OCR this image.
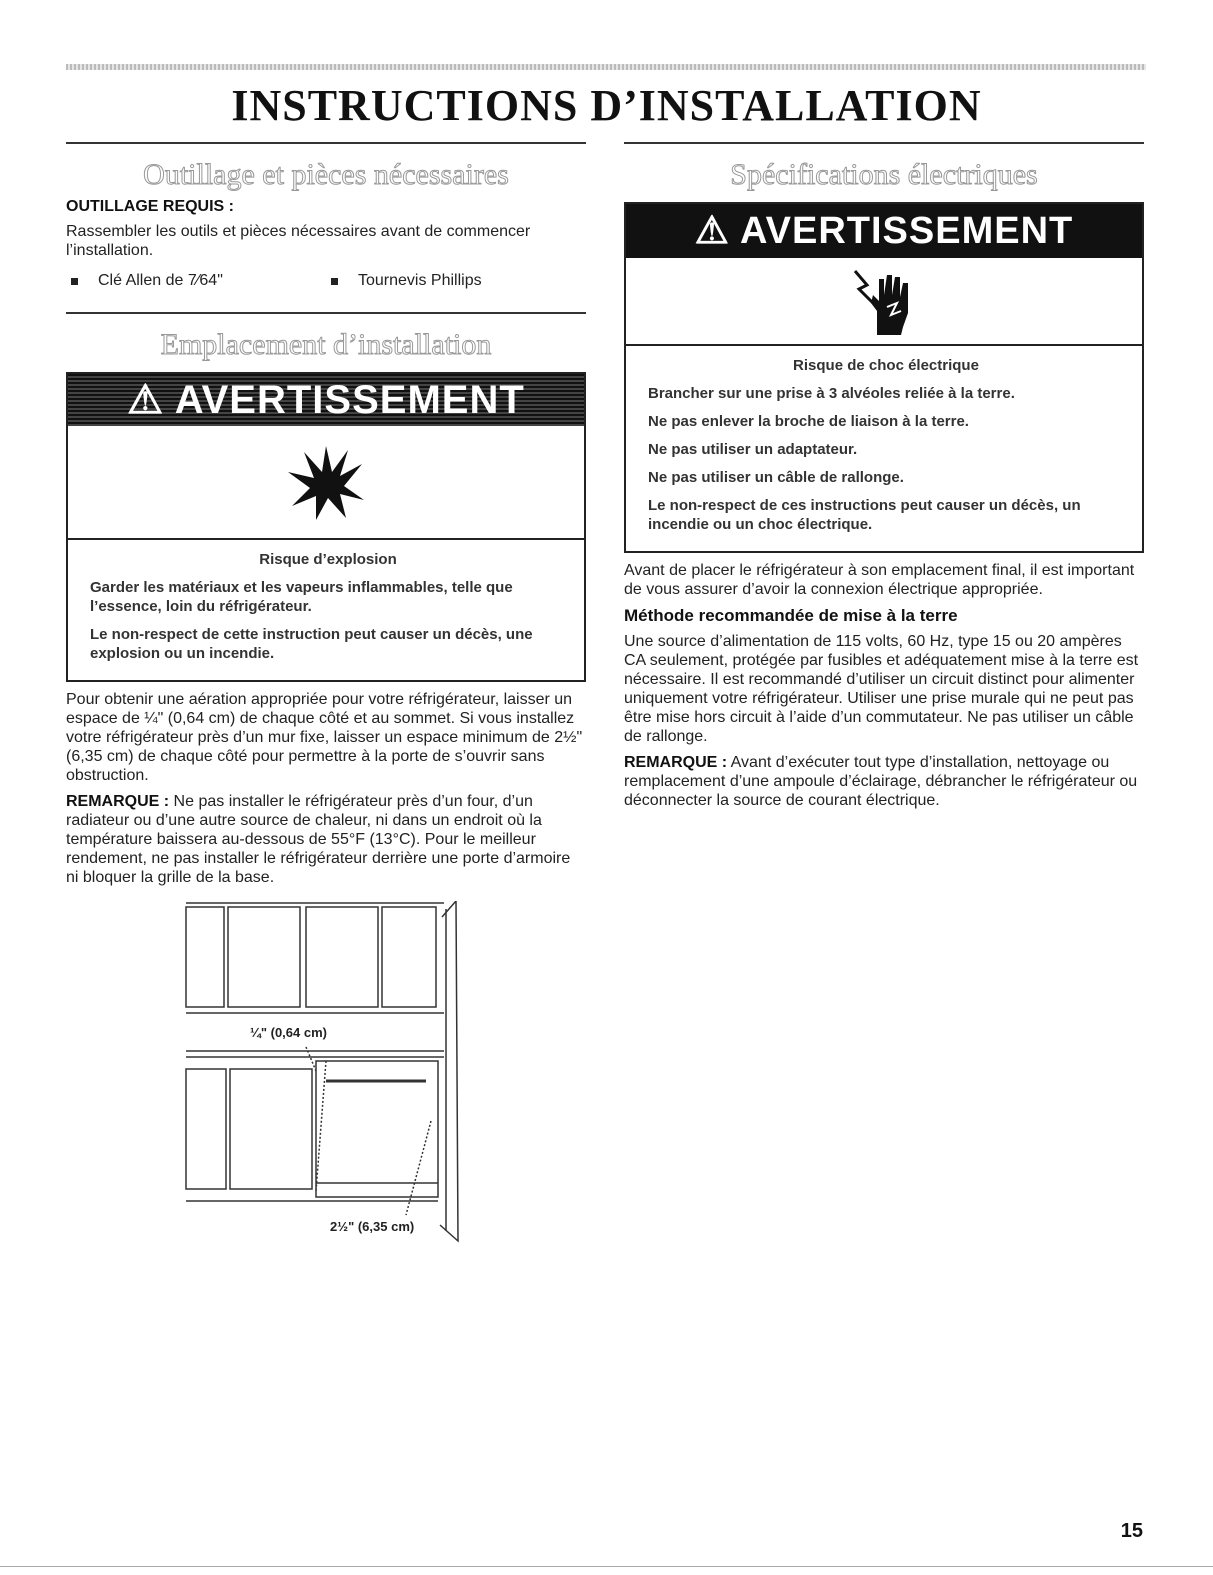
INSTRUCTIONS D’INSTALLATION
Outillage et pièces nécessaires
OUTILLAGE REQUIS :

Rassembler les outils et pièces nécessaires avant de commencer l’installation.

Clé Allen de 7⁄64"	Tournevis Phillips
Emplacement d’installation
⚠ AVERTISSEMENT

Risque d’explosion

Garder les matériaux et les vapeurs inflammables, telle que l’essence, loin du réfrigérateur.

Le non-respect de cette instruction peut causer un décès, une explosion ou un incendie.

Pour obtenir une aération appropriée pour votre réfrigérateur, laisser un espace de ¼" (0,64 cm) de chaque côté et au sommet. Si vous installez votre réfrigérateur près d’un mur fixe, laisser un espace minimum de 2½" (6,35 cm) de chaque côté pour permettre à la porte de s’ouvrir sans obstruction.

REMARQUE : Ne pas installer le réfrigérateur près d’un four, d’un radiateur ou d’une autre source de chaleur, ni dans un endroit où la température baissera au-dessous de 55°F (13°C). Pour le meilleur rendement, ne pas installer le réfrigérateur derrière une porte d’armoire ni bloquer la grille de la base.

¼" (0,64 cm)
2½" (6,35 cm)
Spécifications électriques
⚠ AVERTISSEMENT

Risque de choc électrique

Brancher sur une prise à 3 alvéoles reliée à la terre.

Ne pas enlever la broche de liaison à la terre.

Ne pas utiliser un adaptateur.

Ne pas utiliser un câble de rallonge.

Le non-respect de ces instructions peut causer un décès, un incendie ou un choc électrique.

Avant de placer le réfrigérateur à son emplacement final, il est important de vous assurer d’avoir la connexion électrique appropriée.

Méthode recommandée de mise à la terre

Une source d’alimentation de 115 volts, 60 Hz, type 15 ou 20 ampères CA seulement, protégée par fusibles et adéquatement mise à la terre est nécessaire. Il est recommandé d’utiliser un circuit distinct pour alimenter uniquement votre réfrigérateur. Utiliser une prise murale qui ne peut pas être mise hors circuit à l’aide d’un commutateur. Ne pas utiliser un câble de rallonge.

REMARQUE : Avant d’exécuter tout type d’installation, nettoyage ou remplacement d’une ampoule d’éclairage, débrancher le réfrigérateur ou déconnecter la source de courant électrique.

15
